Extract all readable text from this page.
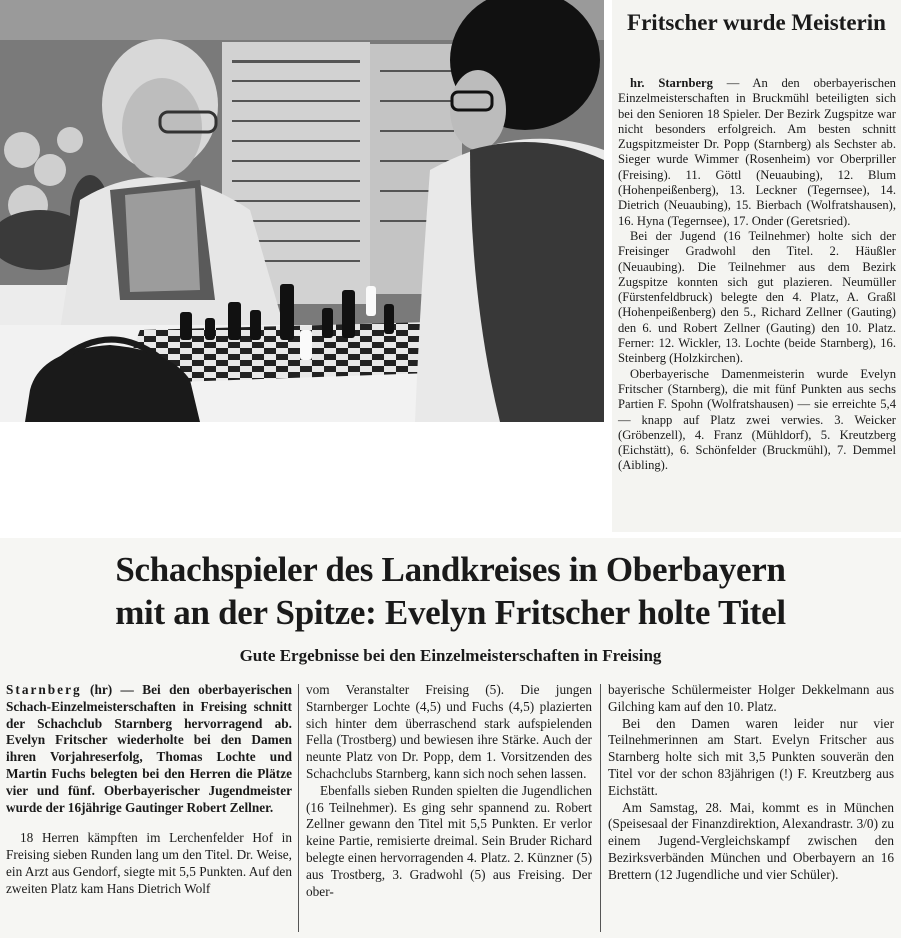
Fritscher wurde Meisterin

hr. Starnberg — An den oberbayerischen Einzelmeisterschaften in Bruckmühl beteiligten sich bei den Senioren 18 Spieler. Der Bezirk Zugspitze war nicht besonders erfolgreich. Am besten schnitt Zugspitzmeister Dr. Popp (Starnberg) als Sechster ab. Sieger wurde Wimmer (Rosenheim) vor Oberpriller (Freising). 11. Göttl (Neuaubing), 12. Blum (Hohenpeißenberg), 13. Leckner (Tegernsee), 14. Dietrich (Neuaubing), 15. Bierbach (Wolfratshausen), 16. Hyna (Tegernsee), 17. Onder (Geretsried).

Bei der Jugend (16 Teilnehmer) holte sich der Freisinger Gradwohl den Titel. 2. Häußler (Neuaubing). Die Teilnehmer aus dem Bezirk Zugspitze konnten sich gut plazieren. Neumüller (Fürstenfeldbruck) belegte den 4. Platz, A. Graßl (Hohenpeißenberg) den 5., Richard Zellner (Gauting) den 6. und Robert Zellner (Gauting) den 10. Platz. Ferner: 12. Wickler, 13. Lochte (beide Starnberg), 16. Steinberg (Holzkirchen).

Oberbayerische Damenmeisterin wurde Evelyn Fritscher (Starnberg), die mit fünf Punkten aus sechs Partien F. Spohn (Wolfratshausen) — sie erreichte 5,4 — knapp auf Platz zwei verwies. 3. Weicker (Gröbenzell), 4. Franz (Mühldorf), 5. Kreutzberg (Eichstätt), 6. Schönfelder (Bruckmühl), 7. Demmel (Aibling).

Schachspieler des Landkreises in Oberbayern
mit an der Spitze: Evelyn Fritscher holte Titel
Gute Ergebnisse bei den Einzelmeisterschaften in Freising

Starnberg (hr) — Bei den oberbayerischen Schach-Einzelmeisterschaften in Freising schnitt der Schachclub Starnberg hervorragend ab. Evelyn Fritscher wiederholte bei den Damen ihren Vorjahreserfolg, Thomas Lochte und Martin Fuchs belegten bei den Herren die Plätze vier und fünf. Oberbayerischer Jugendmeister wurde der 16jährige Gautinger Robert Zellner.

18 Herren kämpften im Lerchenfelder Hof in Freising sieben Runden lang um den Titel. Dr. Weise, ein Arzt aus Gendorf, siegte mit 5,5 Punkten. Auf den zweiten Platz kam Hans Dietrich Wolf

vom Veranstalter Freising (5). Die jungen Starnberger Lochte (4,5) und Fuchs (4,5) plazierten sich hinter dem überraschend stark aufspielenden Fella (Trostberg) und bewiesen ihre Stärke. Auch der neunte Platz von Dr. Popp, dem 1. Vorsitzenden des Schachclubs Starnberg, kann sich noch sehen lassen.

Ebenfalls sieben Runden spielten die Jugendlichen (16 Teilnehmer). Es ging sehr spannend zu. Robert Zellner gewann den Titel mit 5,5 Punkten. Er verlor keine Partie, remisierte dreimal. Sein Bruder Richard belegte einen hervorragenden 4. Platz. 2. Künzner (5) aus Trostberg, 3. Gradwohl (5) aus Freising. Der ober-

bayerische Schülermeister Holger Dekkelmann aus Gilching kam auf den 10. Platz.

Bei den Damen waren leider nur vier Teilnehmerinnen am Start. Evelyn Fritscher aus Starnberg holte sich mit 3,5 Punkten souverän den Titel vor der schon 83jährigen (!) F. Kreutzberg aus Eichstätt.

Am Samstag, 28. Mai, kommt es in München (Speisesaal der Finanzdirektion, Alexandrastr. 3/0) zu einem Jugend-Vergleichskampf zwischen den Bezirksverbänden München und Oberbayern an 16 Brettern (12 Jugendliche und vier Schüler).
